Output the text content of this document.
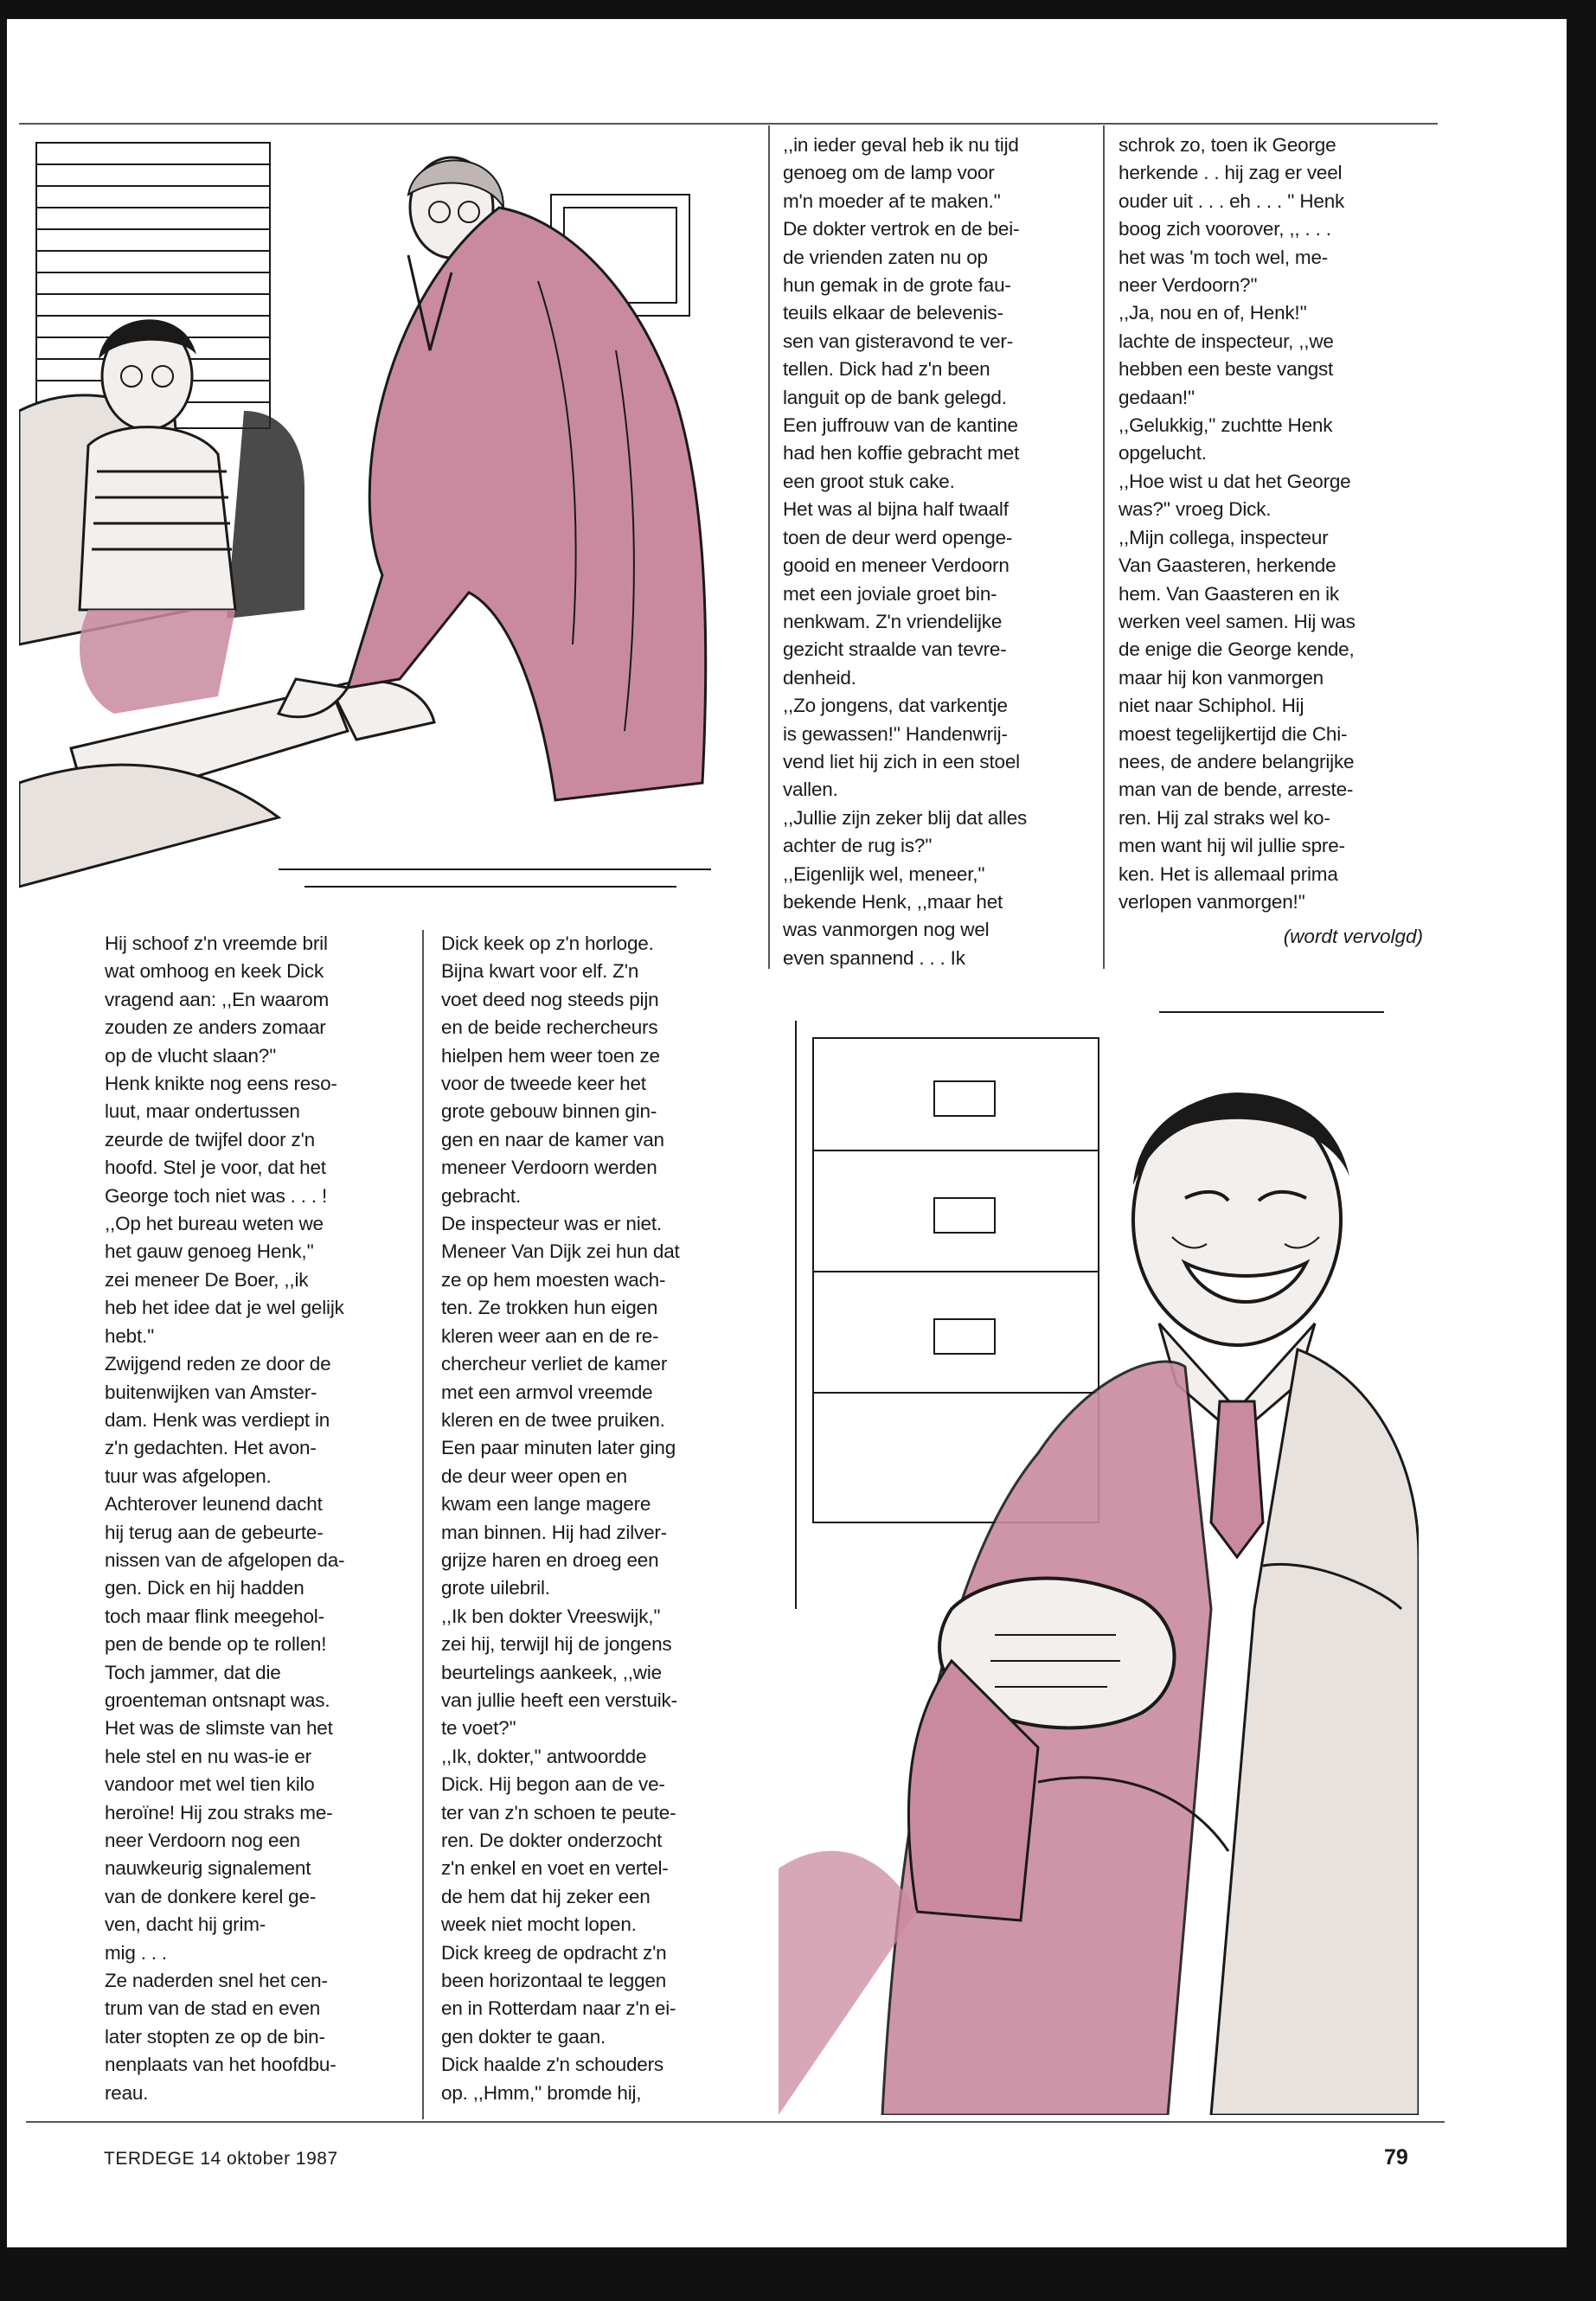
Hij schoof z'n vreemde bril
wat omhoog en keek Dick
vragend aan: ,,En waarom
zouden ze anders zomaar
op de vlucht slaan?''
Henk knikte nog eens reso-
luut, maar ondertussen
zeurde de twijfel door z'n
hoofd. Stel je voor, dat het
George toch niet was . . . !
,,Op het bureau weten we
het gauw genoeg Henk,''
zei meneer De Boer, ,,ik
heb het idee dat je wel gelijk
hebt.''
Zwijgend reden ze door de
buitenwijken van Amster-
dam. Henk was verdiept in
z'n gedachten. Het avon-
tuur was afgelopen.
Achterover leunend dacht
hij terug aan de gebeurte-
nissen van de afgelopen da-
gen. Dick en hij hadden
toch maar flink meegehol-
pen de bende op te rollen!
Toch jammer, dat die
groenteman ontsnapt was.
Het was de slimste van het
hele stel en nu was-ie er
vandoor met wel tien kilo
heroïne! Hij zou straks me-
neer Verdoorn nog een
nauwkeurig signalement
van de donkere kerel ge-
ven, dacht hij grim-
mig . . .
Ze naderden snel het cen-
trum van de stad en even
later stopten ze op de bin-
nenplaats van het hoofdbu-
reau.
Dick keek op z'n horloge.
Bijna kwart voor elf. Z'n
voet deed nog steeds pijn
en de beide rechercheurs
hielpen hem weer toen ze
voor de tweede keer het
grote gebouw binnen gin-
gen en naar de kamer van
meneer Verdoorn werden
gebracht.
De inspecteur was er niet.
Meneer Van Dijk zei hun dat
ze op hem moesten wach-
ten. Ze trokken hun eigen
kleren weer aan en de re-
chercheur verliet de kamer
met een armvol vreemde
kleren en de twee pruiken.
Een paar minuten later ging
de deur weer open en
kwam een lange magere
man binnen. Hij had zilver-
grijze haren en droeg een
grote uilebril.
,,Ik ben dokter Vreeswijk,''
zei hij, terwijl hij de jongens
beurtelings aankeek, ,,wie
van jullie heeft een verstuik-
te voet?''
,,Ik, dokter,'' antwoordde
Dick. Hij begon aan de ve-
ter van z'n schoen te peute-
ren. De dokter onderzocht
z'n enkel en voet en vertel-
de hem dat hij zeker een
week niet mocht lopen.
Dick kreeg de opdracht z'n
been horizontaal te leggen
en in Rotterdam naar z'n ei-
gen dokter te gaan.
Dick haalde z'n schouders
op. ,,Hmm,'' bromde hij,
,,in ieder geval heb ik nu tijd
genoeg om de lamp voor
m'n moeder af te maken.''
De dokter vertrok en de bei-
de vrienden zaten nu op
hun gemak in de grote fau-
teuils elkaar de belevenis-
sen van gisteravond te ver-
tellen. Dick had z'n been
languit op de bank gelegd.
Een juffrouw van de kantine
had hen koffie gebracht met
een groot stuk cake.
Het was al bijna half twaalf
toen de deur werd openge-
gooid en meneer Verdoorn
met een joviale groet bin-
nenkwam. Z'n vriendelijke
gezicht straalde van tevre-
denheid.
,,Zo jongens, dat varkentje
is gewassen!'' Handenwrij-
vend liet hij zich in een stoel
vallen.
,,Jullie zijn zeker blij dat alles
achter de rug is?''
,,Eigenlijk wel, meneer,''
bekende Henk, ,,maar het
was vanmorgen nog wel
even spannend . . . Ik
schrok zo, toen ik George
herkende . . hij zag er veel
ouder uit . . . eh . . . '' Henk
boog zich voorover, ,, . . .
het was 'm toch wel, me-
neer Verdoorn?''
,,Ja, nou en of, Henk!''
lachte de inspecteur, ,,we
hebben een beste vangst
gedaan!''
,,Gelukkig,'' zuchtte Henk
opgelucht.
,,Hoe wist u dat het George
was?'' vroeg Dick.
,,Mijn collega, inspecteur
Van Gaasteren, herkende
hem. Van Gaasteren en ik
werken veel samen. Hij was
de enige die George kende,
maar hij kon vanmorgen
niet naar Schiphol. Hij
moest tegelijkertijd die Chi-
nees, de andere belangrijke
man van de bende, arreste-
ren. Hij zal straks wel ko-
men want hij wil jullie spre-
ken. Het is allemaal prima
verlopen vanmorgen!''
(wordt vervolgd)
TERDEGE 14 oktober 1987	79
